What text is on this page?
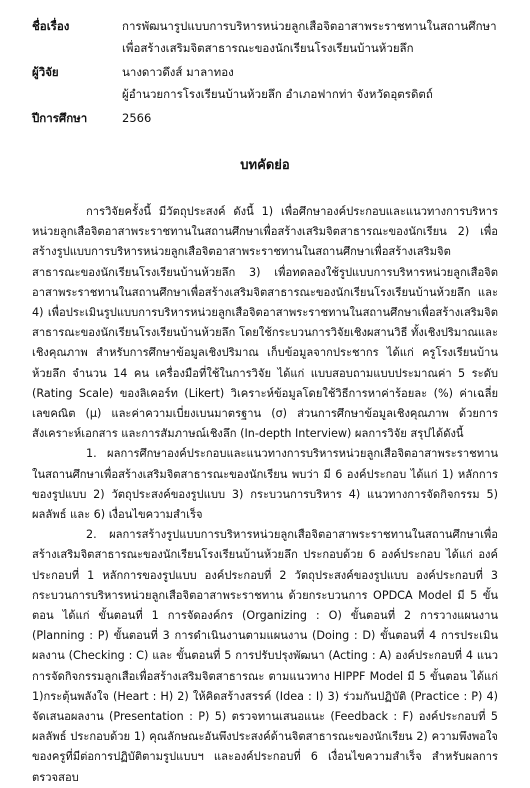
ชื่อเรื่อง	การพัฒนารูปแบบการบริหารหน่วยลูกเสือจิตอาสาพระราชทานในสถานศึกษา
เพื่อสร้างเสริมจิตสาธารณะของนักเรียนโรงเรียนบ้านห้วยลึก
ผู้วิจัย	นางดาวดึงส์ มาลาทอง
ผู้อำนวยการโรงเรียนบ้านห้วยลึก อำเภอฟากท่า จังหวัดอุตรดิตถ์
ปีการศึกษา	2566
บทคัดย่อ

การวิจัยครั้งนี้ มีวัตถุประสงค์ ดังนี้ 1) เพื่อศึกษาองค์ประกอบและแนวทางการบริหารหน่วยลูกเสือจิตอาสาพระราชทานในสถานศึกษาเพื่อสร้างเสริมจิตสาธารณะของนักเรียน 2) เพื่อสร้างรูปแบบการบริหารหน่วยลูกเสือจิตอาสาพระราชทานในสถานศึกษาเพื่อสร้างเสริมจิตสาธารณะของนักเรียนโรงเรียนบ้านห้วยลึก 3) เพื่อทดลองใช้รูปแบบการบริหารหน่วยลูกเสือจิตอาสาพระราชทานในสถานศึกษาเพื่อสร้างเสริมจิตสาธารณะของนักเรียนโรงเรียนบ้านห้วยลึก และ 4) เพื่อประเมินรูปแบบการบริหารหน่วยลูกเสือจิตอาสาพระราชทานในสถานศึกษาเพื่อสร้างเสริมจิตสาธารณะของนักเรียนโรงเรียนบ้านห้วยลึก โดยใช้กระบวนการวิจัยเชิงผสานวิธี ทั้งเชิงปริมาณและเชิงคุณภาพ สำหรับการศึกษาข้อมูลเชิงปริมาณ เก็บข้อมูลจากประชากร ได้แก่ ครูโรงเรียนบ้านห้วยลึก จำนวน 14 คน เครื่องมือที่ใช้ในการวิจัย ได้แก่ แบบสอบถามแบบประมาณค่า 5 ระดับ (Rating Scale) ของลิเคอร์ท (Likert) วิเคราะห์ข้อมูลโดยใช้วิธีการหาค่าร้อยละ (%) ค่าเฉลี่ยเลขคณิต (μ) และค่าความเบี่ยงเบนมาตรฐาน (σ) ส่วนการศึกษาข้อมูลเชิงคุณภาพ ด้วยการสังเคราะห์เอกสาร และการสัมภาษณ์เชิงลึก (In-depth Interview) ผลการวิจัย สรุปได้ดังนี้

1. ผลการศึกษาองค์ประกอบและแนวทางการบริหารหน่วยลูกเสือจิตอาสาพระราชทานในสถานศึกษาเพื่อสร้างเสริมจิตสาธารณะของนักเรียน พบว่า มี 6 องค์ประกอบ ได้แก่ 1) หลักการของรูปแบบ 2) วัตถุประสงค์ของรูปแบบ 3) กระบวนการบริหาร 4) แนวทางการจัดกิจกรรม 5) ผลลัพธ์ และ 6) เงื่อนไขความสำเร็จ

2. ผลการสร้างรูปแบบการบริหารหน่วยลูกเสือจิตอาสาพระราชทานในสถานศึกษาเพื่อสร้างเสริมจิตสาธารณะของนักเรียนโรงเรียนบ้านห้วยลึก ประกอบด้วย 6 องค์ประกอบ ได้แก่ องค์ประกอบที่ 1 หลักการของรูปแบบ องค์ประกอบที่ 2 วัตถุประสงค์ของรูปแบบ องค์ประกอบที่ 3 กระบวนการบริหารหน่วยลูกเสือจิตอาสาพระราชทาน ด้วยกระบวนการ OPDCA Model มี 5 ขั้นตอน ได้แก่ ขั้นตอนที่ 1 การจัดองค์กร (Organizing : O) ขั้นตอนที่ 2 การวางแผนงาน (Planning : P) ขั้นตอนที่ 3 การดำเนินงานตามแผนงาน (Doing : D) ขั้นตอนที่ 4 การประเมินผลงาน (Checking : C) และ ขั้นตอนที่ 5 การปรับปรุงพัฒนา (Acting : A) องค์ประกอบที่ 4 แนวการจัดกิจกรรมลูกเสือเพื่อสร้างเสริมจิตสาธารณะ ตามแนวทาง HIPPF Model มี 5 ขั้นตอน ได้แก่ 1)กระตุ้นพลังใจ (Heart : H) 2) ให้คิดสร้างสรรค์ (Idea : I) 3) ร่วมกันปฏิบัติ (Practice : P) 4) จัดเสนอผลงาน (Presentation : P) 5) ตรวจทานเสนอแนะ (Feedback : F) องค์ประกอบที่ 5 ผลลัพธ์ ประกอบด้วย 1) คุณลักษณะอันพึงประสงค์ด้านจิตสาธารณะของนักเรียน 2) ความพึงพอใจของครูที่มีต่อการปฏิบัติตามรูปแบบฯ และองค์ประกอบที่ 6 เงื่อนไขความสำเร็จ สำหรับผลการตรวจสอบ
